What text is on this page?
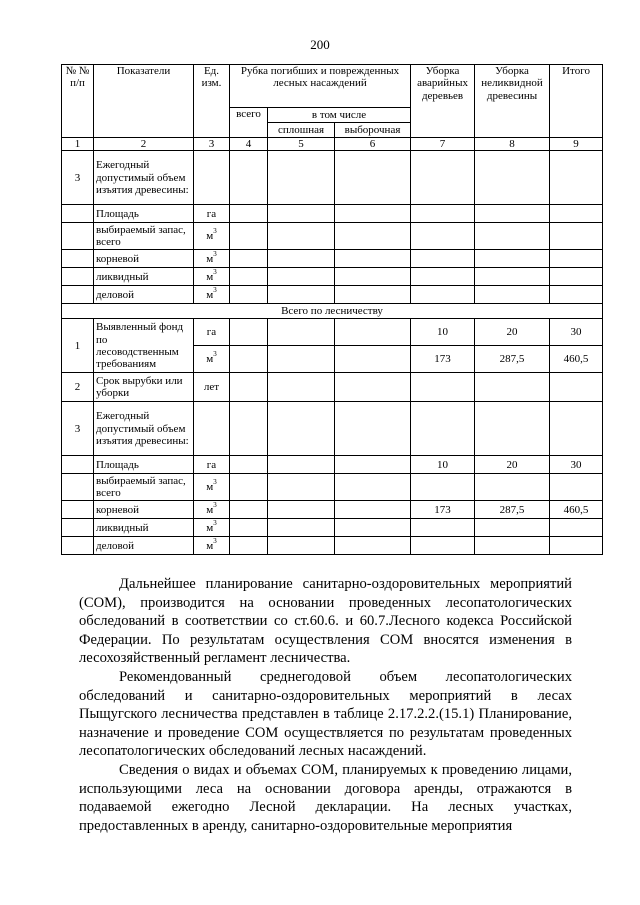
200
№ № п/п	Показатели	Ед. изм.	Рубка погибших и поврежденных лесных насаждений			Уборка аварийных деревьев	Уборка неликвидной древесины	Итого
			всего	в том числе				
				сплошная	выборочная			
1	2	3	4	5	6	7	8	9
3	Ежегодный допустимый объем изъятия древесины:							
	Площадь	га						
	выбираемый запас, всего	$м^3$						
	корневой	$м^3$						
	ликвидный	$м^3$						
	деловой	$м^3$						
Всего по лесничеству								
1	Выявленный фонд по лесоводственным требованиям	га				10	20	30
		$м^3$				173	287,5	460,5
2	Срок вырубки или уборки	лет						
3	Ежегодный допустимый объем изъятия древесины:							
	Площадь	га				10	20	30
	выбираемый запас, всего	$м^3$						
	корневой	$м^3$				173	287,5	460,5
	ликвидный	$м^3$						
	деловой	$м^3$						

Дальнейшее планирование санитарно-оздоровительных мероприятий (СОМ), производится на основании проведенных лесопатологических обследований в соответствии со ст.60.6. и 60.7.Лесного кодекса Российской Федерации. По результатам осуществления СОМ вносятся изменения в лесохозяйственный регламент лесничества.

Рекомендованный среднегодовой объем лесопатологических обследований и санитарно-оздоровительных мероприятий в лесах Пыщугского лесничества представлен в таблице 2.17.2.2.(15.1) Планирование, назначение и проведение СОМ осуществляется по результатам проведенных лесопатологических обследований лесных насаждений.

Сведения о видах и объемах СОМ, планируемых к проведению лицами, использующими леса на основании договора аренды, отражаются в подаваемой ежегодно Лесной декларации. На лесных участках, предоставленных в аренду, санитарно-оздоровительные мероприятия
